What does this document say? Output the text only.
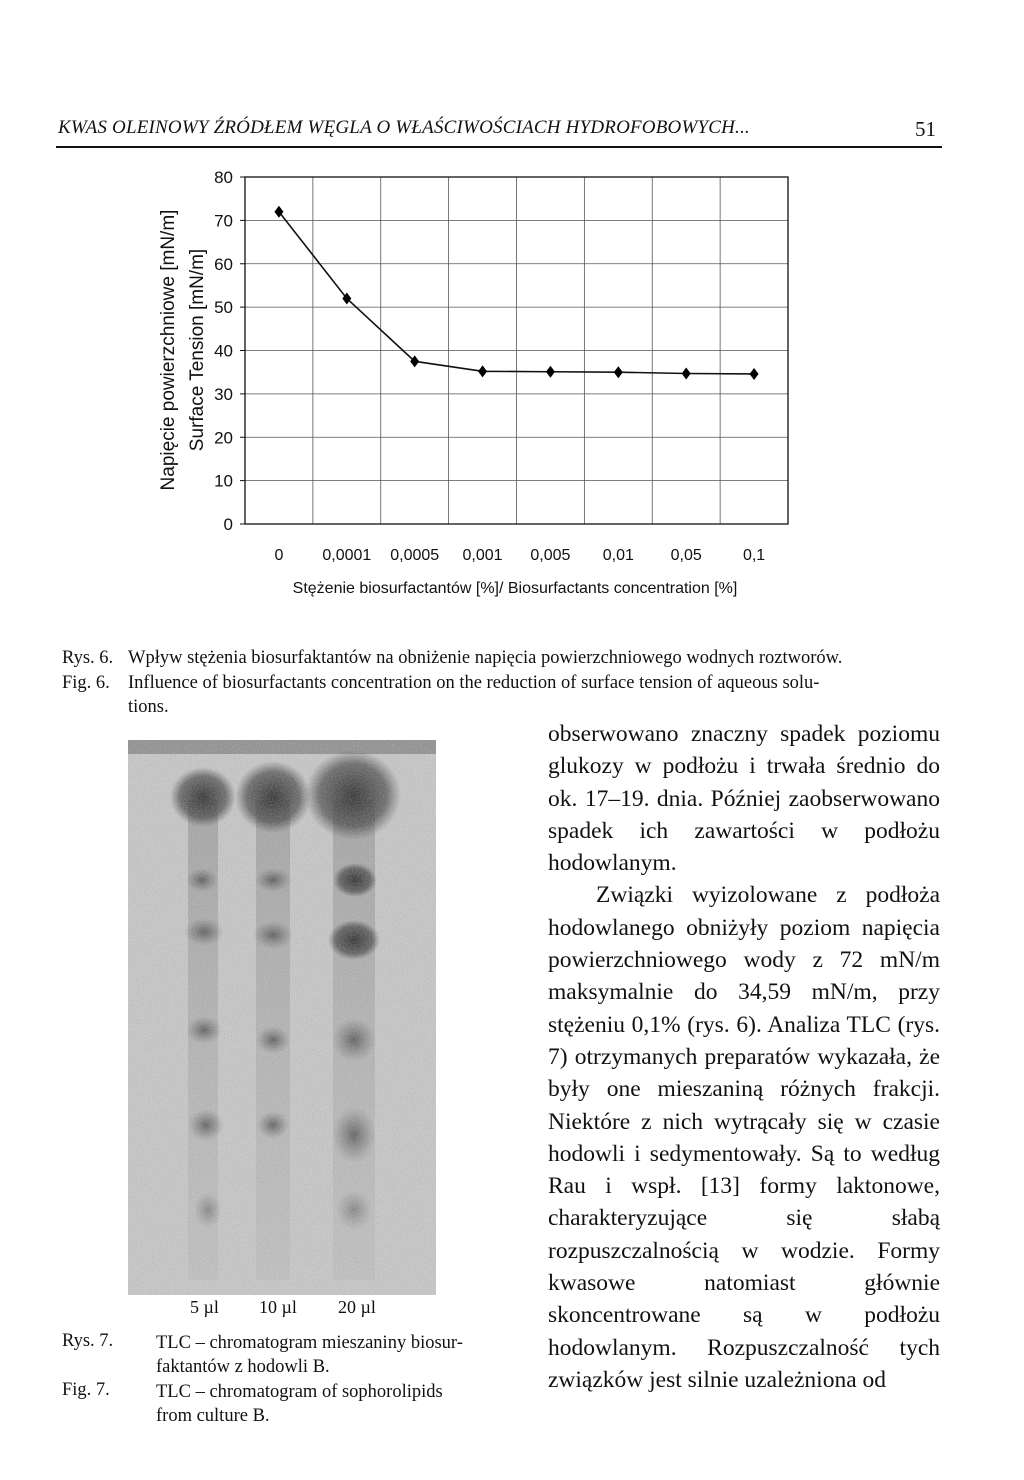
KWAS OLEINOWY ŹRÓDŁEM WĘGLA O WŁAŚCIWOŚCIACH HYDROFOBOWYCH...	51
0
10
20
30
40
50
60
70
80
0 0,0001 0,0005 0,001 0,005 0,01 0,05	0,1
Napięcie powierzchniowe [mN/m] Surface Tension [mN/m]
Stężenie biosurfactantów [%]/ Biosurfactants concentration [%]
Rys. 6. Wpływ stężenia biosurfaktantów na obniżenie napięcia powierzchniowego wodnych roztworów.
Fig. 6. Influence of biosurfactants concentration on the reduction of surface tension of aqueous solu-
tions.
5 µl 10 µl 20 µl
Rys. 7. TLC – chromatogram mieszaniny biosur-
faktantów z hodowli B.
Fig. 7. TLC – chromatogram of sophorolipids
from culture B.

obserwowano znaczny spadek poziomu glukozy w podłożu i trwała średnio do ok. 17–19. dnia. Później zaobserwowano spadek ich zawartości w podłożu hodowlanym.

Związki wyizolowane z podłoża hodowlanego obniżyły poziom napięcia powierzchniowego wody z 72 mN/m maksymalnie do 34,59 mN/m, przy stężeniu 0,1% (rys. 6). Analiza TLC (rys. 7) otrzymanych preparatów wykazała, że były one mieszaniną różnych frakcji. Niektóre z nich wytrącały się w czasie hodowli i sedymentowały. Są to według Rau i wspł. [13] formy laktonowe, charakteryzujące się słabą rozpuszczalnością w wodzie. Formy kwasowe natomiast głównie skoncentrowane są w podłożu hodowlanym. Rozpuszczalność tych związków jest silnie uzależniona od
